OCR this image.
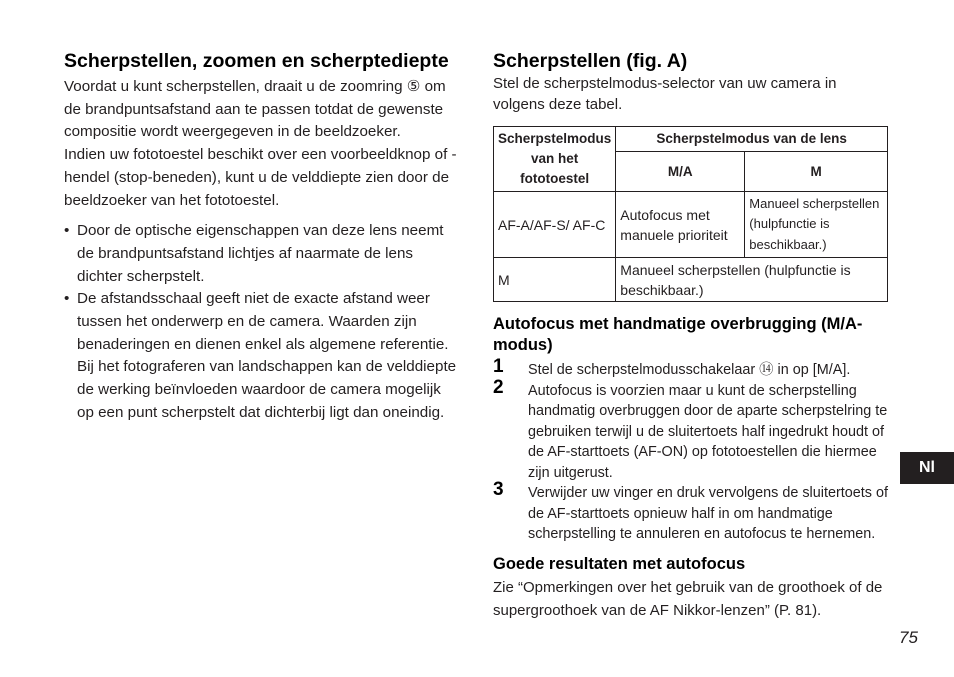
Scherpstellen, zoomen en scherptediepte

Voordat u kunt scherpstellen, draait u de zoomring ⑤ om de brandpuntsafstand aan te passen totdat de gewenste compositie wordt weergegeven in de beeldzoeker.

Indien uw fototoestel beschikt over een voorbeeldknop of -hendel (stop-beneden), kunt u de velddiepte zien door de beeldzoeker van het fototoestel.

• Door de optische eigenschappen van deze lens neemt de brandpuntsafstand lichtjes af naarmate de lens dichter scherpstelt.
• De afstandsschaal geeft niet de exacte afstand weer tussen het onderwerp en de camera. Waarden zijn benaderingen en dienen enkel als algemene referentie. Bij het fotograferen van landschappen kan de velddiepte de werking beïnvloeden waardoor de camera mogelijk op een punt scherpstelt dat dichterbij ligt dan oneindig.
Scherpstellen (fig. A)

Stel de scherpstelmodus-selector van uw camera in volgens deze tabel.

Scherpstelmodus van het fototoestel	Scherpstelmodus van de lens	
	M/A	M
AF-A/AF-S/ AF-C	Autofocus met manuele prioriteit	Manueel scherpstellen (hulpfunctie is beschikbaar.)
M	Manueel scherpstellen (hulpfunctie is beschikbaar.)	
Autofocus met handmatige overbrugging (M/A-modus)
1 Stel de scherpstelmodusschakelaar ⑭ in op [M/A].
2 Autofocus is voorzien maar u kunt de scherpstelling handmatig overbruggen door de aparte scherpstelring te gebruiken terwijl u de sluitertoets half ingedrukt houdt of de AF-starttoets (AF-ON) op fototoestellen die hiermee zijn uitgerust.
3 Verwijder uw vinger en druk vervolgens de sluitertoets of de AF-starttoets opnieuw half in om handmatige scherpstelling te annuleren en autofocus te hernemen.
Goede resultaten met autofocus

Zie “Opmerkingen over het gebruik van de groothoek of de supergroothoek van de AF Nikkor-lenzen” (P. 81).

Nl
75
